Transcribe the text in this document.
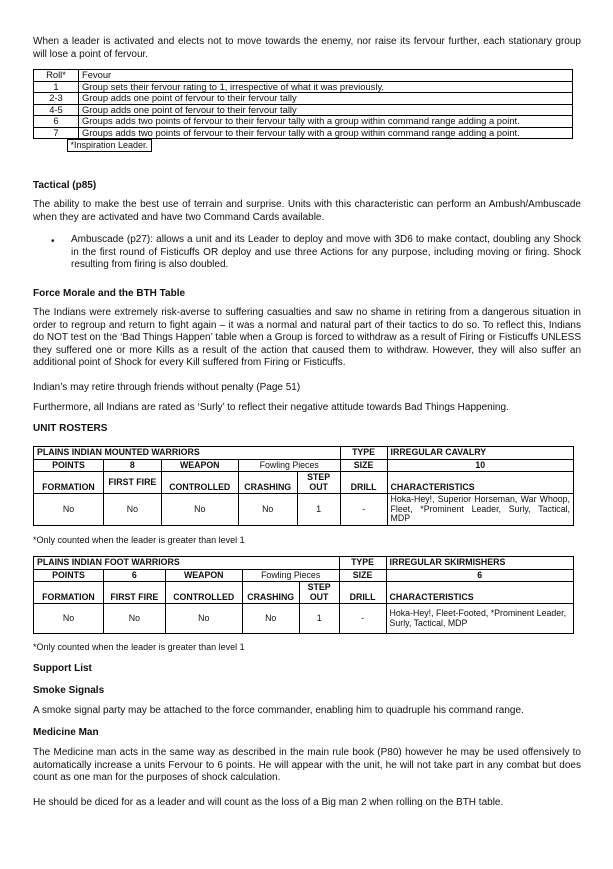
When a leader is activated and elects not to move towards the enemy, nor raise its fervour further, each stationary group will lose a point of fervour.

Roll*	Fevour
1	Group sets their fervour rating to 1, irrespective of what it was previously.
2-3	Group adds one point of fervour to their fervour tally
4-5	Group adds one point of fervour to their fervour tally
6	Groups adds two points of fervour to their fervour tally with a group within command range adding a point.
7	Groups adds two points of fervour to their fervour tally with a group within command range adding a point.

*Inspiration Leader.

Tactical (p85)

The ability to make the best use of terrain and surprise. Units with this characteristic can perform an Ambush/Ambuscade when they are activated and have two Command Cards available.

• Ambuscade (p27): allows a unit and its Leader to deploy and move with 3D6 to make contact, doubling any Shock in the first round of Fisticuffs OR deploy and use three Actions for any purpose, including moving or firing. Shock resulting from firing is also doubled.

Force Morale and the BTH Table

The Indians were extremely risk-averse to suffering casualties and saw no shame in retiring from a dangerous situation in order to regroup and return to fight again – it was a normal and natural part of their tactics to do so. To reflect this, Indians do NOT test on the ‘Bad Things Happen’ table when a Group is forced to withdraw as a result of Firing or Fisticuffs UNLESS they suffered one or more Kills as a result of the action that caused them to withdraw. However, they will also suffer an additional point of Shock for every Kill suffered from Firing or Fisticuffs.

Indian’s may retire through friends without penalty (Page 51)

Furthermore, all Indians are rated as ‘Surly’ to reflect their negative attitude towards Bad Things Happening.

UNIT ROSTERS

PLAINS INDIAN MOUNTED WARRIORS					TYPE	IRREGULAR CAVALRY
POINTS	8	WEAPON	Fowling Pieces		SIZE	10
FORMATION	FIRST FIRE	CONTROLLED	CRASHING	STEP OUT	DRILL	CHARACTERISTICS
No	No	No	No	1	-	Hoka-Hey!, Superior Horseman, War Whoop, Fleet, *Prominent Leader, Surly, Tactical, MDP

*Only counted when the leader is greater than level 1

PLAINS INDIAN FOOT WARRIORS					TYPE	IRREGULAR SKIRMISHERS
POINTS	6	WEAPON	Fowling Pieces		SIZE	6
FORMATION	FIRST FIRE	CONTROLLED	CRASHING	STEP OUT	DRILL	CHARACTERISTICS
No	No	No	No	1	-	Hoka-Hey!, Fleet-Footed, *Prominent Leader, Surly, Tactical, MDP

*Only counted when the leader is greater than level 1

Support List

Smoke Signals

A smoke signal party may be attached to the force commander, enabling him to quadruple his command range.

Medicine Man

The Medicine man acts in the same way as described in the main rule book (P80) however he may be used offensively to automatically increase a units Fervour to 6 points. He will appear with the unit, he will not take part in any combat but does count as one man for the purposes of shock calculation.

He should be diced for as a leader and will count as the loss of a Big man 2 when rolling on the BTH table.
